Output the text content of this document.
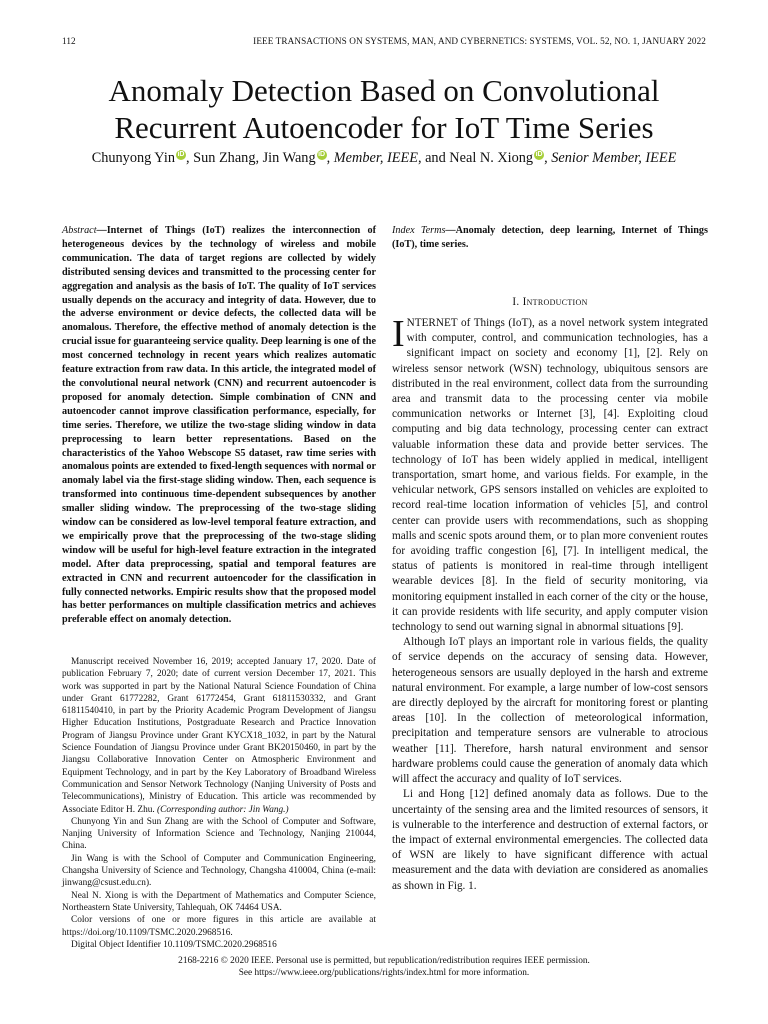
112	IEEE TRANSACTIONS ON SYSTEMS, MAN, AND CYBERNETICS: SYSTEMS, VOL. 52, NO. 1, JANUARY 2022
Anomaly Detection Based on Convolutional
Recurrent Autoencoder for IoT Time Series
Chunyong Yin iD , Sun Zhang, Jin Wang iD , Member, IEEE, and Neal N. Xiong iD , Senior Member, IEEE
Abstract—Internet of Things (IoT) realizes the interconnection of heterogeneous devices by the technology of wireless and mobile communication. The data of target regions are collected by widely distributed sensing devices and transmitted to the processing center for aggregation and analysis as the basis of IoT. The quality of IoT services usually depends on the accuracy and integrity of data. However, due to the adverse environment or device defects, the collected data will be anomalous. Therefore, the effective method of anomaly detection is the crucial issue for guaranteeing service quality. Deep learning is one of the most concerned technology in recent years which realizes automatic feature extraction from raw data. In this article, the integrated model of the convolutional neural network (CNN) and recurrent autoencoder is proposed for anomaly detection. Simple combination of CNN and autoencoder cannot improve classification performance, especially, for time series. Therefore, we utilize the two-stage sliding window in data preprocessing to learn better representations. Based on the characteristics of the Yahoo Webscope S5 dataset, raw time series with anomalous points are extended to fixed-length sequences with normal or anomaly label via the first-stage sliding window. Then, each sequence is transformed into continuous time-dependent subsequences by another smaller sliding window. The preprocessing of the two-stage sliding window can be considered as low-level temporal feature extraction, and we empirically prove that the preprocessing of the two-stage sliding window will be useful for high-level feature extraction in the integrated model. After data preprocessing, spatial and temporal features are extracted in CNN and recurrent autoencoder for the classification in fully connected networks. Empiric results show that the proposed model has better performances on multiple classification metrics and achieves preferable effect on anomaly detection.
Index Terms—Anomaly detection, deep learning, Internet of Things (IoT), time series.
I. Introduction

INTERNET of Things (IoT), as a novel network system integrated with computer, control, and communication technologies, has a significant impact on society and economy [1], [2]. Rely on wireless sensor network (WSN) technology, ubiquitous sensors are distributed in the real environment, collect data from the surrounding area and transmit data to the processing center via mobile communication networks or Internet [3], [4]. Exploiting cloud computing and big data technology, processing center can extract valuable information these data and provide better services. The technology of IoT has been widely applied in medical, intelligent transportation, smart home, and various fields. For example, in the vehicular network, GPS sensors installed on vehicles are exploited to record real-time location information of vehicles [5], and control center can provide users with recommendations, such as shopping malls and scenic spots around them, or to plan more convenient routes for avoiding traffic congestion [6], [7]. In intelligent medical, the status of patients is monitored in real-time through intelligent wearable devices [8]. In the field of security monitoring, via monitoring equipment installed in each corner of the city or the house, it can provide residents with life security, and apply computer vision technology to send out warning signal in abnormal situations [9].

Although IoT plays an important role in various fields, the quality of service depends on the accuracy of sensing data. However, heterogeneous sensors are usually deployed in the harsh and extreme natural environment. For example, a large number of low-cost sensors are directly deployed by the aircraft for monitoring forest or planting areas [10]. In the collection of meteorological information, precipitation and temperature sensors are vulnerable to atrocious weather [11]. Therefore, harsh natural environment and sensor hardware problems could cause the generation of anomaly data which will affect the accuracy and quality of IoT services.

Li and Hong [12] defined anomaly data as follows. Due to the uncertainty of the sensing area and the limited resources of sensors, it is vulnerable to the interference and destruction of external factors, or the impact of external environmental emergencies. The collected data of WSN are likely to have significant difference with actual measurement and the data with deviation are considered as anomalies as shown in Fig. 1.

Manuscript received November 16, 2019; accepted January 17, 2020. Date of publication February 7, 2020; date of current version December 17, 2021. This work was supported in part by the National Natural Science Foundation of China under Grant 61772282, Grant 61772454, Grant 61811530332, and Grant 61811540410, in part by the Priority Academic Program Development of Jiangsu Higher Education Institutions, Postgraduate Research and Practice Innovation Program of Jiangsu Province under Grant KYCX18_1032, in part by the Natural Science Foundation of Jiangsu Province under Grant BK20150460, in part by the Jiangsu Collaborative Innovation Center on Atmospheric Environment and Equipment Technology, and in part by the Key Laboratory of Broadband Wireless Communication and Sensor Network Technology (Nanjing University of Posts and Telecommunications), Ministry of Education. This article was recommended by Associate Editor H. Zhu. (Corresponding author: Jin Wang.)

Chunyong Yin and Sun Zhang are with the School of Computer and Software, Nanjing University of Information Science and Technology, Nanjing 210044, China.

Jin Wang is with the School of Computer and Communication Engineering, Changsha University of Science and Technology, Changsha 410004, China (e-mail: jinwang@csust.edu.cn).

Neal N. Xiong is with the Department of Mathematics and Computer Science, Northeastern State University, Tahlequah, OK 74464 USA.

Color versions of one or more figures in this article are available at https://doi.org/10.1109/TSMC.2020.2968516.

Digital Object Identifier 10.1109/TSMC.2020.2968516

2168-2216 © 2020 IEEE. Personal use is permitted, but republication/redistribution requires IEEE permission.
See https://www.ieee.org/publications/rights/index.html for more information.
